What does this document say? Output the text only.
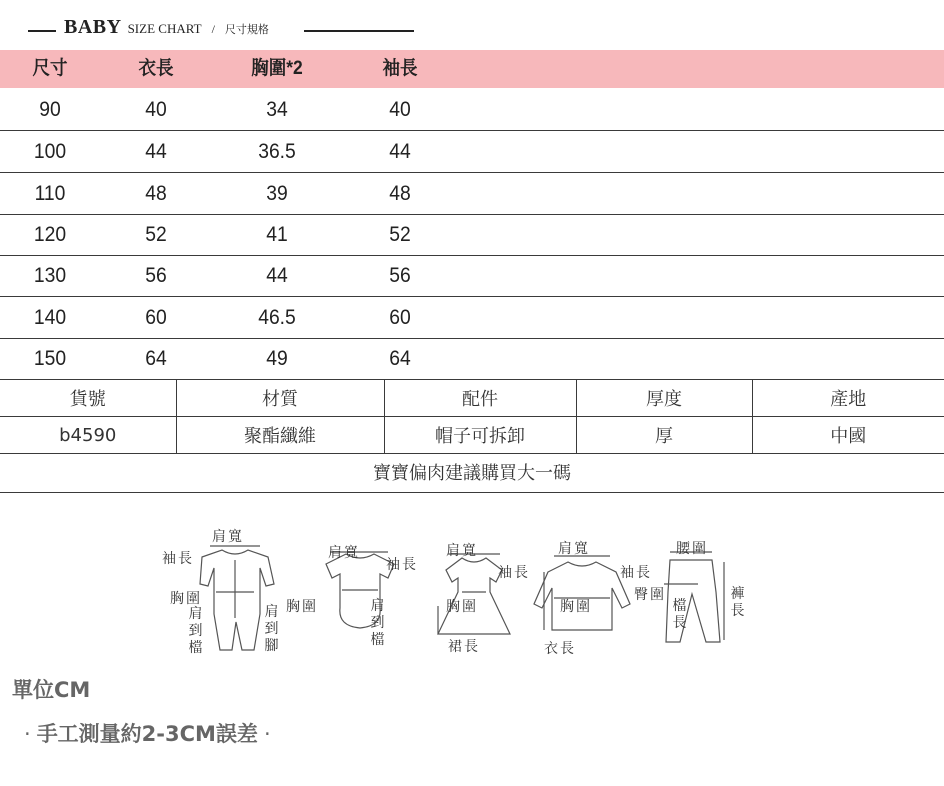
BABY SIZE CHART / 尺寸規格
尺寸	衣長	胸圍*2	袖長
90	40	34	40
100	44	36.5	44
110	48	39	48
120	52	41	52
130	56	44	56
140	60	46.5	60
150	64	49	64
貨號	材質	配件	厚度	產地
b4590	聚酯纖維	帽子可拆卸	厚	中國
寶寶偏肉建議購買大一碼
肩寬
袖長
胸圍
肩到檔
肩到腳
肩寬
袖長
胸圍	肩到檔
肩寬
袖長
胸圍
裙長
肩寬
袖長
胸圍
衣長
腰圍
臀圍
檔長
褲長
單位CM
· 手工測量約2-3CM誤差 ·
